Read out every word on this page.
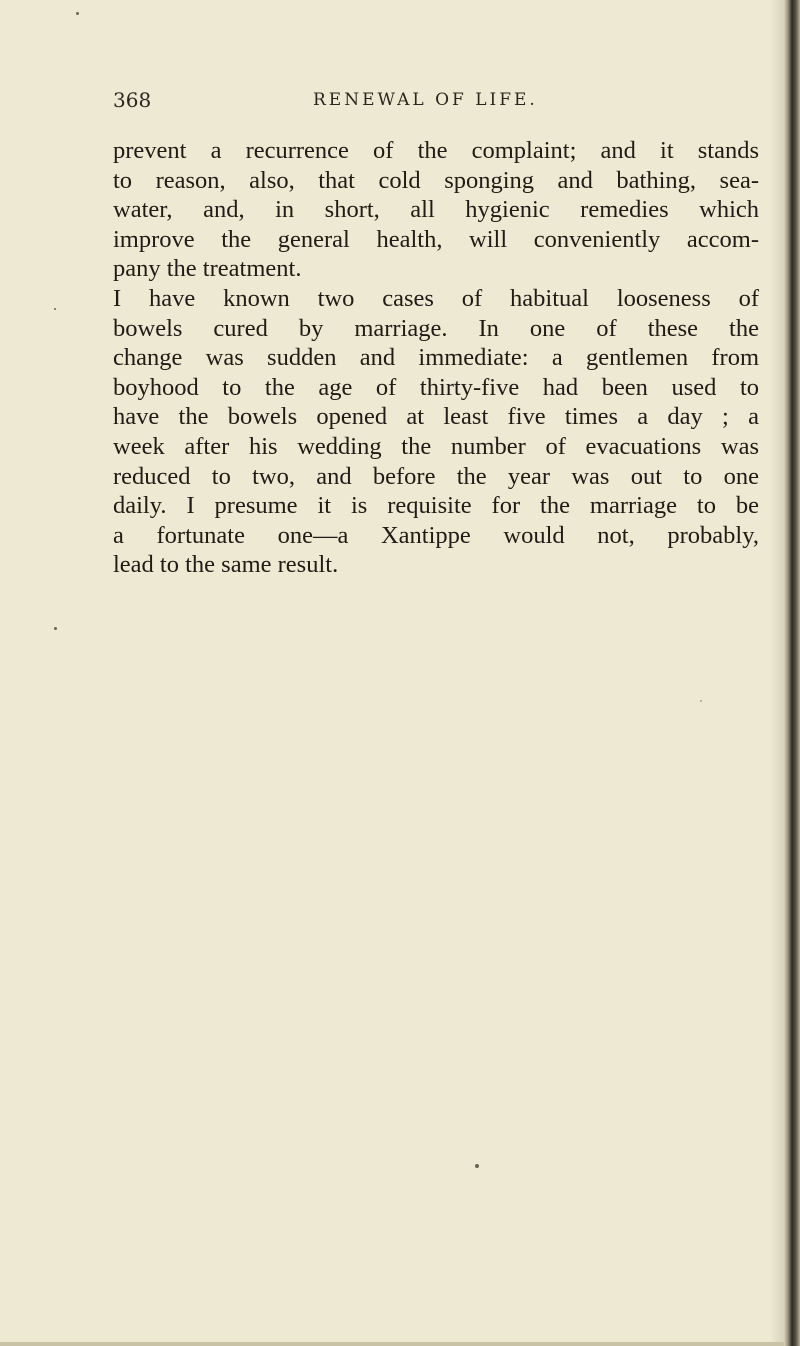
368	RENEWAL OF LIFE.
prevent a recurrence of the complaint; and it stands
to reason, also, that cold sponging and bathing, sea-
water, and, in short, all hygienic remedies which
improve the general health, will conveniently accom-
pany the treatment.
I have known two cases of habitual looseness of
bowels cured by marriage. In one of these the
change was sudden and immediate: a gentlemen from
boyhood to the age of thirty-five had been used to
have the bowels opened at least five times a day ; a
week after his wedding the number of evacuations was
reduced to two, and before the year was out to one
daily. I presume it is requisite for the marriage to be
a fortunate one—a Xantippe would not, probably,
lead to the same result.
